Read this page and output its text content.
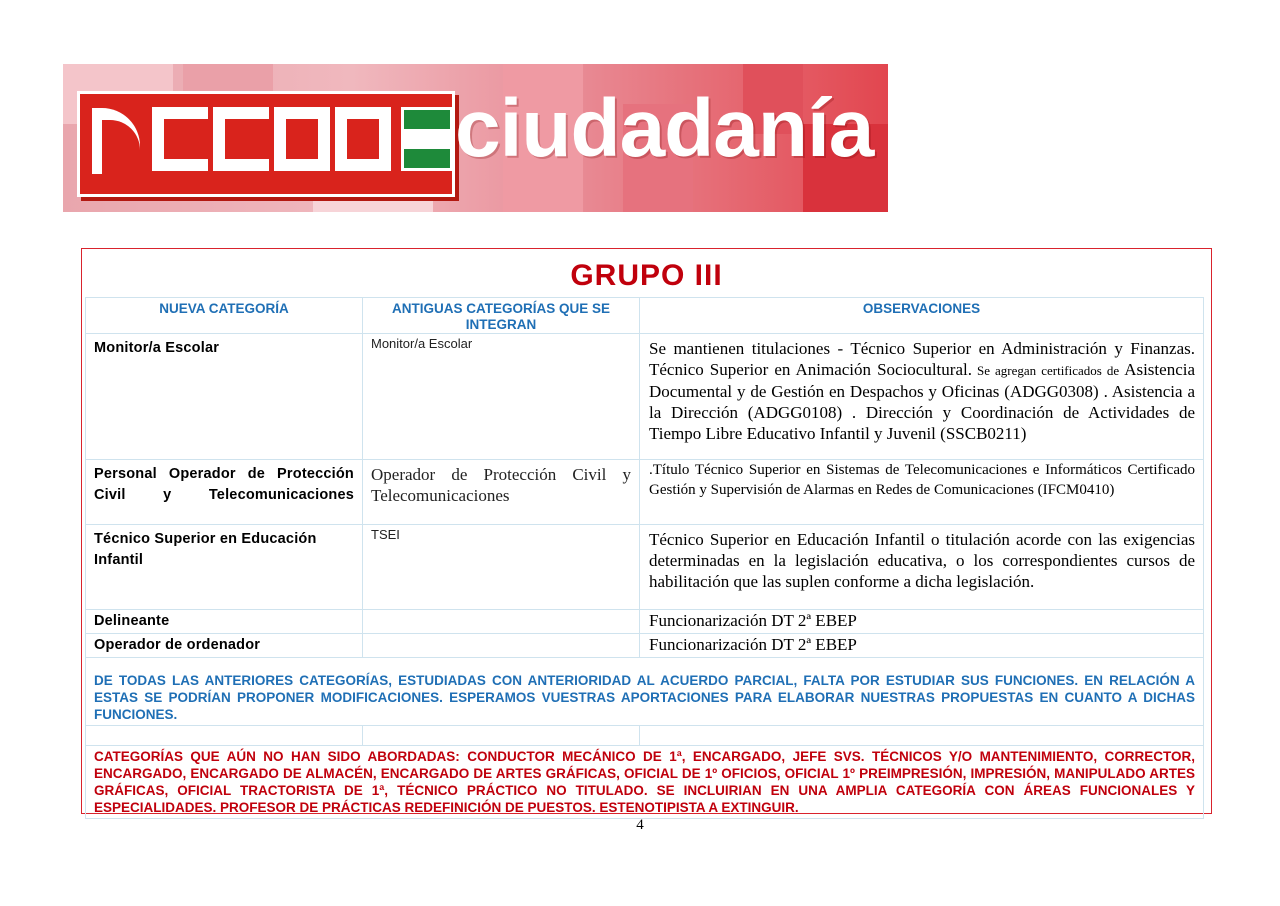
ciudadanía
GRUPO III
NUEVA CATEGORÍA	ANTIGUAS CATEGORÍAS QUE SE INTEGRAN	OBSERVACIONES
Monitor/a Escolar	Monitor/a Escolar	Se mantienen titulaciones - Técnico Superior en Administración y Finanzas. Técnico Superior en Animación Sociocultural. Se agregan certificados de Asistencia Documental y de Gestión en Despachos y Oficinas (ADGG0308) . Asistencia a la Dirección (ADGG0108) . Dirección y Coordinación de Actividades de Tiempo Libre Educativo Infantil y Juvenil (SSCB0211)
Personal Operador de Protección Civil y Telecomunicaciones	Operador de Protección Civil y Telecomunicaciones	.Título Técnico Superior en Sistemas de Telecomunicaciones e Informáticos Certificado Gestión y Supervisión de Alarmas en Redes de Comunicaciones (IFCM0410)
Técnico Superior en Educación Infantil	TSEI	Técnico Superior en Educación Infantil o titulación acorde con las exigencias determinadas en la legislación educativa, o los correspondientes cursos de habilitación que las suplen conforme a dicha legislación.
Delineante		Funcionarización DT 2ª EBEP
Operador de ordenador		Funcionarización DT 2ª EBEP
DE TODAS LAS ANTERIORES CATEGORÍAS, ESTUDIADAS CON ANTERIORIDAD AL ACUERDO PARCIAL, FALTA POR ESTUDIAR SUS FUNCIONES. EN RELACIÓN A ESTAS SE PODRÍAN PROPONER MODIFICACIONES. ESPERAMOS VUESTRAS APORTACIONES PARA ELABORAR NUESTRAS PROPUESTAS EN CUANTO A DICHAS FUNCIONES.		

CATEGORÍAS QUE AÚN NO HAN SIDO ABORDADAS: CONDUCTOR MECÁNICO DE 1ª, ENCARGADO, JEFE SVS. TÉCNICOS Y/O MANTENIMIENTO, CORRECTOR, ENCARGADO, ENCARGADO DE ALMACÉN, ENCARGADO DE ARTES GRÁFICAS, OFICIAL DE 1º OFICIOS, OFICIAL 1º PREIMPRESIÓN, IMPRESIÓN, MANIPULADO ARTES GRÁFICAS, OFICIAL TRACTORISTA DE 1ª, TÉCNICO PRÁCTICO NO TITULADO. SE INCLUIRIAN EN UNA AMPLIA CATEGORÍA CON ÁREAS FUNCIONALES Y ESPECIALIDADES. PROFESOR DE PRÁCTICAS REDEFINICIÓN DE PUESTOS. ESTENOTIPISTA A EXTINGUIR.		
4
